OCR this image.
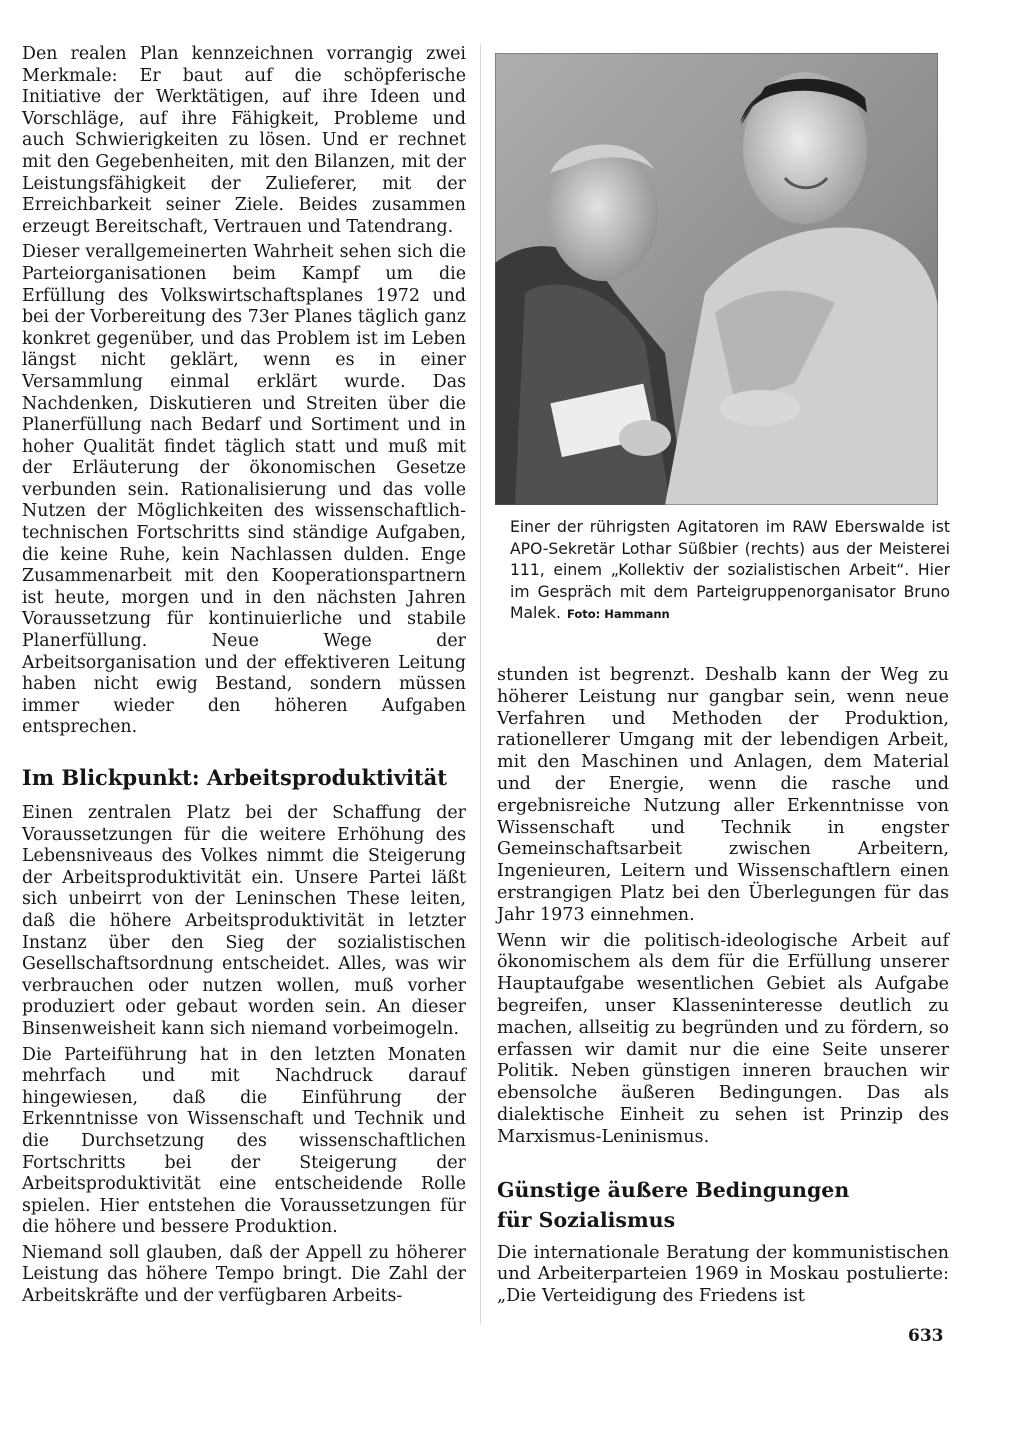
Den realen Plan kennzeichnen vorrangig zwei Merkmale: Er baut auf die schöpferische Initiative der Werktätigen, auf ihre Ideen und Vorschläge, auf ihre Fähigkeit, Probleme und auch Schwierigkeiten zu lösen. Und er rechnet mit den Gegebenheiten, mit den Bilanzen, mit der Leistungsfähigkeit der Zulieferer, mit der Erreichbarkeit seiner Ziele. Beides zusammen erzeugt Bereitschaft, Vertrauen und Tatendrang.

Dieser verallgemeinerten Wahrheit sehen sich die Parteiorganisationen beim Kampf um die Erfüllung des Volkswirtschaftsplanes 1972 und bei der Vorbereitung des 73er Planes täglich ganz konkret gegenüber, und das Problem ist im Leben längst nicht geklärt, wenn es in einer Versammlung einmal erklärt wurde. Das Nachdenken, Diskutieren und Streiten über die Planerfüllung nach Bedarf und Sortiment und in hoher Qualität findet täglich statt und muß mit der Erläuterung der ökonomischen Gesetze verbunden sein. Rationalisierung und das volle Nutzen der Möglichkeiten des wissenschaftlich-technischen Fortschritts sind ständige Aufgaben, die keine Ruhe, kein Nachlassen dulden. Enge Zusammenarbeit mit den Kooperationspartnern ist heute, morgen und in den nächsten Jahren Voraussetzung für kontinuierliche und stabile Planerfüllung. Neue Wege der Arbeitsorganisation und der effektiveren Leitung haben nicht ewig Bestand, sondern müssen immer wieder den höheren Aufgaben entsprechen.

Im Blickpunkt: Arbeitsproduktivität

Einen zentralen Platz bei der Schaffung der Voraussetzungen für die weitere Erhöhung des Lebensniveaus des Volkes nimmt die Steigerung der Arbeitsproduktivität ein. Unsere Partei läßt sich unbeirrt von der Leninschen These leiten, daß die höhere Arbeitsproduktivität in letzter Instanz über den Sieg der sozialistischen Gesellschaftsordnung entscheidet. Alles, was wir verbrauchen oder nutzen wollen, muß vorher produziert oder gebaut worden sein. An dieser Binsenweisheit kann sich niemand vorbeimogeln.

Die Parteiführung hat in den letzten Monaten mehrfach und mit Nachdruck darauf hingewiesen, daß die Einführung der Erkenntnisse von Wissenschaft und Technik und die Durchsetzung des wissenschaftlichen Fortschritts bei der Steigerung der Arbeitsproduktivität eine entscheidende Rolle spielen. Hier entstehen die Voraussetzungen für die höhere und bessere Produktion.

Niemand soll glauben, daß der Appell zu höherer Leistung das höhere Tempo bringt. Die Zahl der Arbeitskräfte und der verfügbaren Arbeits-

Einer der rührigsten Agitatoren im RAW Eberswalde ist APO-Sekretär Lothar Süßbier (rechts) aus der Meisterei 111, einem „Kollektiv der sozialistischen Arbeit“. Hier im Gespräch mit dem Parteigruppenorganisator Bruno Malek. Foto: Hammann

stunden ist begrenzt. Deshalb kann der Weg zu höherer Leistung nur gangbar sein, wenn neue Verfahren und Methoden der Produktion, rationellerer Umgang mit der lebendigen Arbeit, mit den Maschinen und Anlagen, dem Material und der Energie, wenn die rasche und ergebnisreiche Nutzung aller Erkenntnisse von Wissenschaft und Technik in engster Gemeinschaftsarbeit zwischen Arbeitern, Ingenieuren, Leitern und Wissenschaftlern einen erstrangigen Platz bei den Überlegungen für das Jahr 1973 einnehmen.

Wenn wir die politisch-ideologische Arbeit auf ökonomischem als dem für die Erfüllung unserer Hauptaufgabe wesentlichen Gebiet als Aufgabe begreifen, unser Klasseninteresse deutlich zu machen, allseitig zu begründen und zu fördern, so erfassen wir damit nur die eine Seite unserer Politik. Neben günstigen inneren brauchen wir ebensolche äußeren Bedingungen. Das als dialektische Einheit zu sehen ist Prinzip des Marxismus-Leninismus.

Günstige äußere Bedingungen
für Sozialismus

Die internationale Beratung der kommunistischen und Arbeiterparteien 1969 in Moskau postulierte: „Die Verteidigung des Friedens ist

633
